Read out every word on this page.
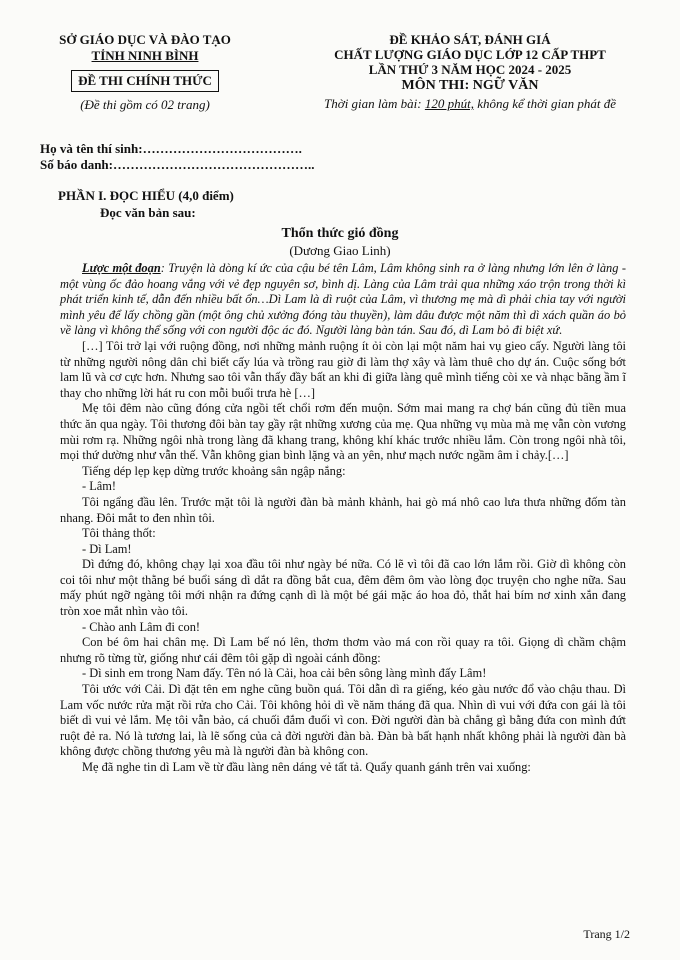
SỞ GIÁO DỤC VÀ ĐÀO TẠO
TỈNH NINH BÌNH
ĐỀ THI CHÍNH THỨC
(Đề thi gồm có 02 trang)
ĐỀ KHẢO SÁT, ĐÁNH GIÁ
CHẤT LƯỢNG GIÁO DỤC LỚP 12 CẤP THPT
LẦN THỨ 3 NĂM HỌC 2024 - 2025
MÔN THI: NGỮ VĂN
Thời gian làm bài: 120 phút, không kể thời gian phát đề
Họ và tên thí sinh:……………………………….
Số báo danh:………………………………………..
PHẦN I. ĐỌC HIỂU (4,0 điểm)
Đọc văn bản sau:
Thổn thức gió đồng
(Dương Giao Linh)

Lược một đoạn: Truyện là dòng kí ức của cậu bé tên Lâm, Lâm không sinh ra ở làng nhưng lớn lên ở làng - một vùng ốc đảo hoang vắng với vẻ đẹp nguyên sơ, bình dị. Làng của Lâm trải qua những xáo trộn trong thời kì phát triển kinh tế, dẫn đến nhiều bất ổn…Dì Lam là dì ruột của Lâm, vì thương mẹ mà dì phải chia tay với người mình yêu để lấy chồng gần (một ông chủ xưởng đóng tàu thuyền), làm dâu được một năm thì dì xách quần áo bỏ về làng vì không thể sống với con người độc ác đó. Người làng bàn tán. Sau đó, dì Lam bỏ đi biệt xứ.

[…] Tôi trở lại với ruộng đồng, nơi những mảnh ruộng ít ỏi còn lại một năm hai vụ gieo cấy. Người làng tôi từ những người nông dân chỉ biết cấy lúa và trồng rau giờ đi làm thợ xây và làm thuê cho dự án. Cuộc sống bớt lam lũ và cơ cực hơn. Nhưng sao tôi vẫn thấy đầy bất an khi đi giữa làng quê mình tiếng còi xe và nhạc bãng ầm ĩ thay cho những lời hát ru con mỗi buổi trưa hè […]

Mẹ tôi đêm nào cũng đóng cửa ngồi tết chổi rơm đến muộn. Sớm mai mang ra chợ bán cũng đủ tiền mua thức ăn qua ngày. Tôi thương đôi bàn tay gầy rật những xương của mẹ. Qua những vụ mùa mà mẹ vẫn còn vương mùi rơm rạ. Những ngôi nhà trong làng đã khang trang, không khí khác trước nhiều lắm. Còn trong ngôi nhà tôi, mọi thứ dường như vẫn thế. Vẫn không gian bình lặng và an yên, như mạch nước ngầm âm ỉ chảy.[…]

Tiếng dép lẹp kẹp dừng trước khoảng sân ngập nắng:

- Lâm!

Tôi ngẩng đầu lên. Trước mặt tôi là người đàn bà mảnh khảnh, hai gò má nhô cao lưa thưa những đốm tàn nhang. Đôi mắt to đen nhìn tôi.

Tôi thảng thốt:

- Dì Lam!

Dì đứng đó, không chạy lại xoa đầu tôi như ngày bé nữa. Có lẽ vì tôi đã cao lớn lắm rồi. Giờ dì không còn coi tôi như một thằng bé buổi sáng dì dắt ra đồng bắt cua, đêm đêm ôm vào lòng đọc truyện cho nghe nữa. Sau mấy phút ngỡ ngàng tôi mới nhận ra đứng cạnh dì là một bé gái mặc áo hoa đỏ, thắt hai bím nơ xinh xắn đang tròn xoe mắt nhìn vào tôi.

- Chào anh Lâm đi con!

Con bé ôm hai chân mẹ. Dì Lam bế nó lên, thơm thơm vào má con rồi quay ra tôi. Giọng dì chầm chậm nhưng rõ từng từ, giống như cái đêm tôi gặp dì ngoài cánh đồng:

- Dì sinh em trong Nam đấy. Tên nó là Cải, hoa cải bên sông làng mình đấy Lâm!

Tôi ước với Cải. Dì đặt tên em nghe cũng buồn quá. Tôi dẫn dì ra giếng, kéo gàu nước đổ vào chậu thau. Dì Lam vốc nước rửa mặt rồi rửa cho Cải. Tôi không hỏi dì về năm tháng đã qua. Nhìn dì vui với đứa con gái là tôi biết dì vui vẻ lắm. Mẹ tôi vẫn bảo, cá chuối đắm đuối vì con. Đời người đàn bà chẳng gì bằng đứa con mình đứt ruột đẻ ra. Nó là tương lai, là lẽ sống của cả đời người đàn bà. Đàn bà bất hạnh nhất không phải là người đàn bà không được chồng thương yêu mà là người đàn bà không con.

Mẹ đã nghe tin dì Lam về từ đầu làng nên dáng vẻ tất tả. Quẩy quanh gánh trên vai xuống:

Trang 1/2
